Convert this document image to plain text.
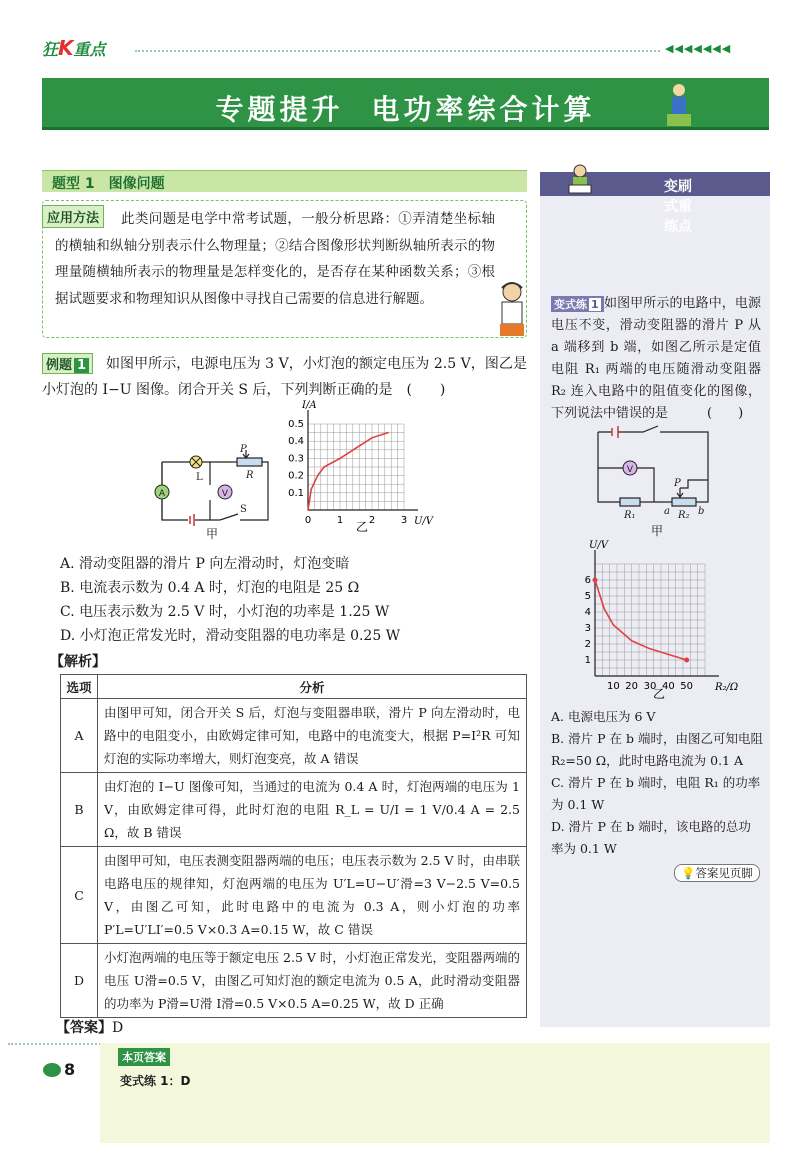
狂K重点	◀◀◀◀◀◀◀
专题提升 电功率综合计算
题型 1　图像问题
此类问题是电学中常考试题，一般分析思路：①弄清楚坐标轴的横轴和纵轴分别表示什么物理量；②结合图像形状判断纵轴所表示的物理量随横轴所表示的物理量是怎样变化的，是否存在某种函数关系；③根据试题要求和物理知识从图像中寻找自己需要的信息进行解题。
应用方法
如图甲所示，电源电压为 3 V，小灯泡的额定电压为 2.5 V，图乙是小灯泡的 I−U 图像。闭合开关 S 后，下列判断正确的是　(　　)
例题 1
A	V
L
P
R
S
甲
U/V
I/A
0	1	2	3
0.1
0.2
0.3
0.4
0.5
乙
A. 滑动变阻器的滑片 P 向左滑动时，灯泡变暗
B. 电流表示数为 0.4 A 时，灯泡的电阻是 25 Ω
C. 电压表示数为 2.5 V 时，小灯泡的功率是 1.25 W
D. 小灯泡正常发光时，滑动变阻器的电功率是 0.25 W
【解析】
选项	分析
A	由图甲可知，闭合开关 S 后，灯泡与变阻器串联，滑片 P 向左滑动时，电路中的电阻变小，由欧姆定律可知，电路中的电流变大，根据 P=I²R 可知灯泡的实际功率增大，则灯泡变亮，故 A 错误
B	由灯泡的 I−U 图像可知，当通过的电流为 0.4 A 时，灯泡两端的电压为 1 V，由欧姆定律可得，此时灯泡的电阻 R_L = U/I = 1 V/0.4 A = 2.5 Ω，故 B 错误
C	由图甲可知，电压表测变阻器两端的电压；电压表示数为 2.5 V 时，由串联电路电压的规律知，灯泡两端的电压为 U′L=U−U′滑=3 V−2.5 V=0.5 V，由图乙可知，此时电路中的电流为 0.3 A，则小灯泡的功率 P′L=U′LI′=0.5 V×0.3 A=0.15 W，故 C 错误
D	小灯泡两端的电压等于额定电压 2.5 V 时，小灯泡正常发光，变阻器两端的电压 U滑=0.5 V，由图乙可知灯泡的额定电流为 0.5 A，此时滑动变阻器的功率为 P滑=U滑 I滑=0.5 V×0.5 A=0.25 W，故 D 正确
【答案】D
变式练
刷重点
如图甲所示的电路中，电源电压不变，滑动变阻器的滑片 P 从 a 端移到 b 端，如图乙所示是定值电阻 R₁ 两端的电压随滑动变阻器 R₂ 连入电路中的阻值变化的图像，下列说法中错误的是　　　(　　)
变式练 1
V
R₁	R₂
a	b
P
甲
R₂/Ω
U/V
10 20 30 40 50
1
2
3
4
5
6
乙
A. 电源电压为 6 V
B. 滑片 P 在 b 端时，由图乙可知电阻 R₂=50 Ω，此时电路电流为 0.1 A
C. 滑片 P 在 b 端时，电阻 R₁ 的功率为 0.1 W
D. 滑片 P 在 b 端时，该电路的总功率为 0.1 W
💡答案见页脚
8
本页答案
变式练 1：D
